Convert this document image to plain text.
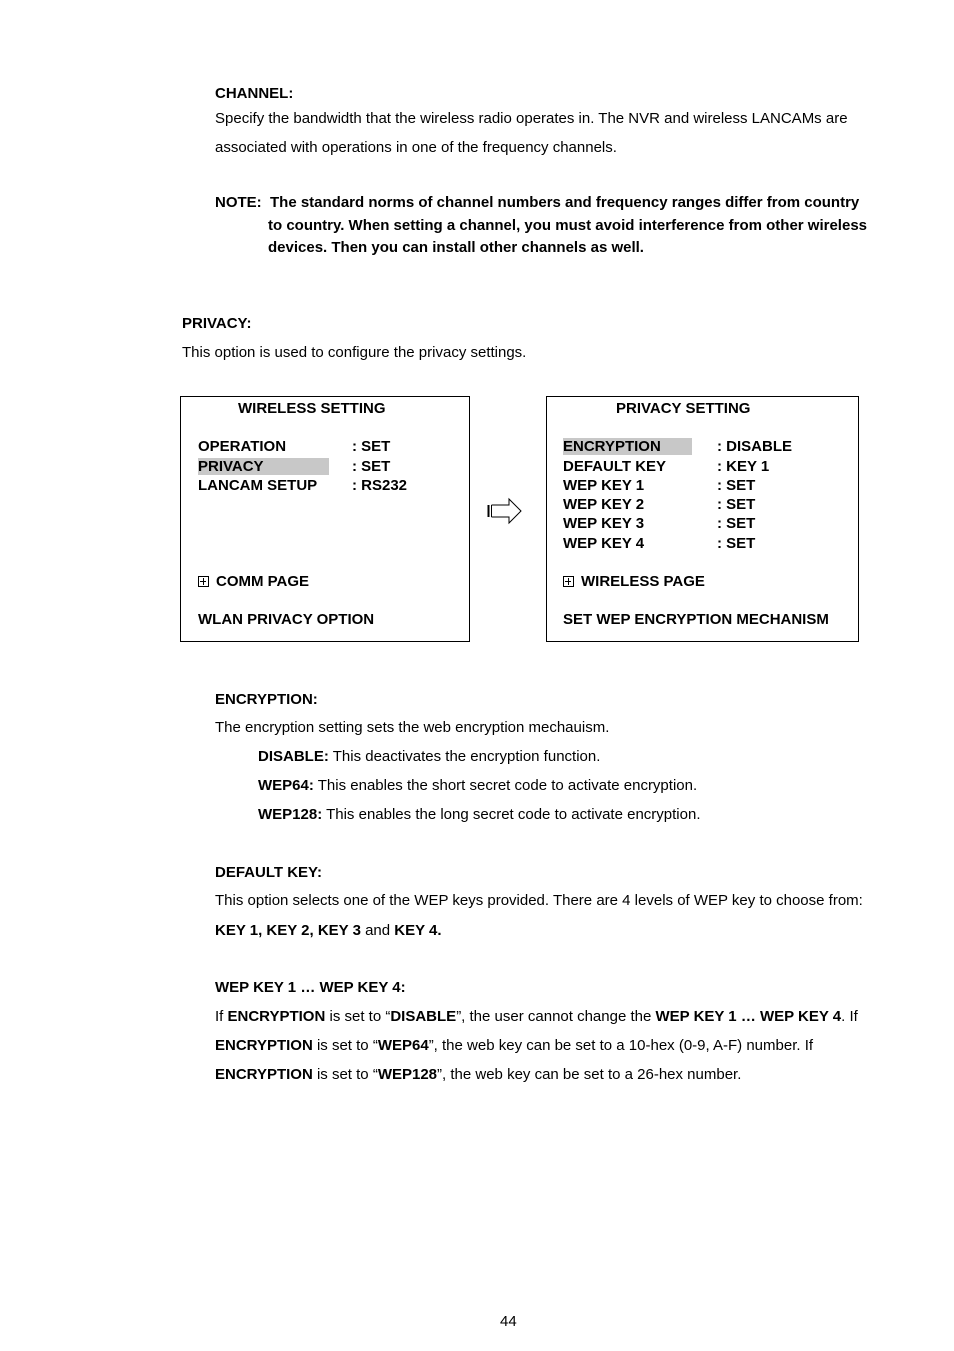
CHANNEL:
Specify the bandwidth that the wireless radio operates in. The NVR and wireless LANCAMs are
associated with operations in one of the frequency channels.
NOTE: The standard norms of channel numbers and frequency ranges differ from country
to country. When setting a channel, you must avoid interference from other wireless
devices. Then you can install other channels as well.
PRIVACY:
This option is used to configure the privacy settings.
WIRELESS SETTING
OPERATION	: SET
PRIVACY	: SET
LANCAM SETUP : RS232
COMM PAGE
WLAN PRIVACY OPTION
PRIVACY SETTING
ENCRYPTION	: DISABLE
DEFAULT KEY	: KEY 1
WEP KEY 1	: SET
WEP KEY 2	: SET
WEP KEY 3	: SET
WEP KEY 4	: SET
WIRELESS PAGE
SET WEP ENCRYPTION MECHANISM
ENCRYPTION:
The encryption setting sets the web encryption mechauism.
DISABLE: This deactivates the encryption function.
WEP64: This enables the short secret code to activate encryption.
WEP128: This enables the long secret code to activate encryption.
DEFAULT KEY:
This option selects one of the WEP keys provided. There are 4 levels of WEP key to choose from:
KEY 1, KEY 2, KEY 3 and KEY 4.
WEP KEY 1 … WEP KEY 4:
If ENCRYPTION is set to “DISABLE”, the user cannot change the WEP KEY 1 … WEP KEY 4. If
ENCRYPTION is set to “WEP64”, the web key can be set to a 10-hex (0-9, A-F) number. If
ENCRYPTION is set to “WEP128”, the web key can be set to a 26-hex number.
44
